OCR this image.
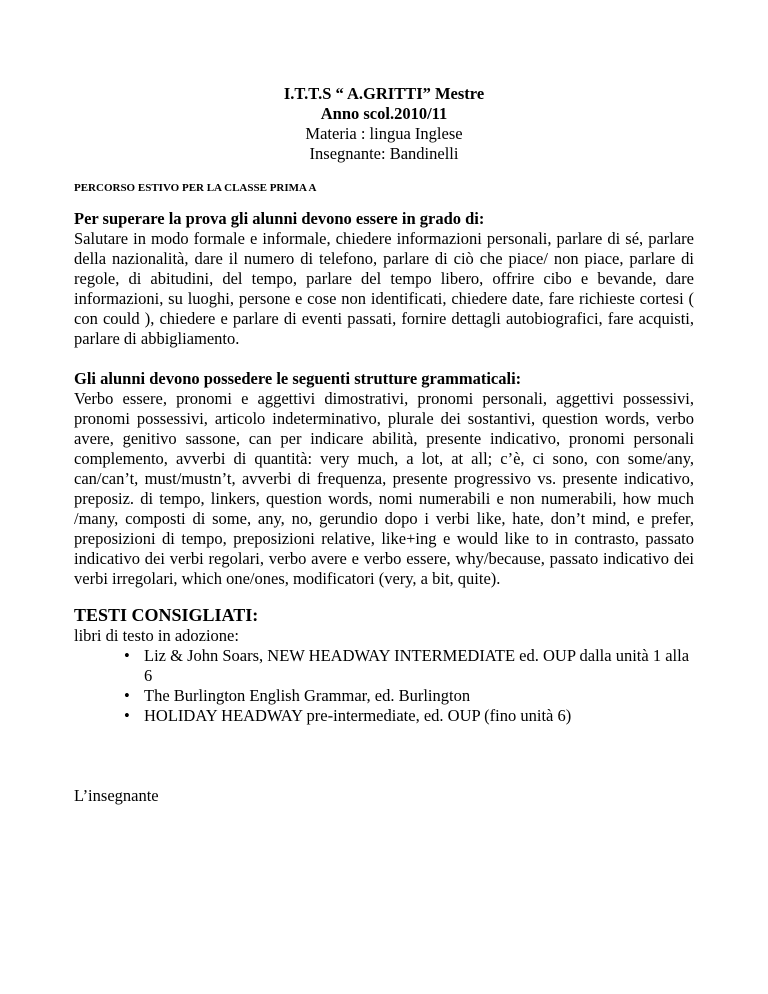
I.T.T.S “ A.GRITTI” Mestre
Anno scol.2010/11
Materia : lingua Inglese
Insegnante: Bandinelli
PERCORSO ESTIVO PER LA CLASSE PRIMA A
Per superare la prova gli alunni devono essere in grado di:
Salutare in modo formale e informale, chiedere informazioni personali, parlare di sé, parlare della nazionalità, dare il numero di telefono, parlare di ciò che piace/ non piace, parlare di regole, di abitudini, del tempo, parlare del tempo libero, offrire cibo e bevande, dare informazioni, su luoghi, persone e cose non identificati, chiedere date, fare richieste cortesi ( con could ), chiedere e parlare di eventi passati, fornire dettagli autobiografici, fare acquisti, parlare di abbigliamento.
Gli alunni devono possedere le seguenti strutture grammaticali:
Verbo essere, pronomi e aggettivi dimostrativi, pronomi personali, aggettivi possessivi, pronomi possessivi, articolo indeterminativo, plurale dei sostantivi, question words, verbo avere, genitivo sassone, can per indicare abilità, presente indicativo, pronomi personali complemento, avverbi di quantità: very much, a lot, at all; c’è, ci sono, con some/any, can/can’t, must/mustn’t, avverbi di frequenza, presente progressivo vs. presente indicativo, preposiz. di tempo, linkers, question words, nomi numerabili e non numerabili, how much /many, composti di some, any, no, gerundio dopo i verbi like, hate, don’t mind, e prefer, preposizioni di tempo, preposizioni relative, like+ing e would like to in contrasto, passato indicativo dei verbi regolari, verbo avere e verbo essere, why/because, passato indicativo dei verbi irregolari, which one/ones, modificatori (very, a bit, quite).
TESTI CONSIGLIATI:
libri di testo in adozione:
• Liz & John Soars, NEW HEADWAY INTERMEDIATE ed. OUP dalla unità 1 alla 6
• The Burlington English Grammar, ed. Burlington
• HOLIDAY HEADWAY pre-intermediate, ed. OUP (fino unità 6)
L’insegnante
